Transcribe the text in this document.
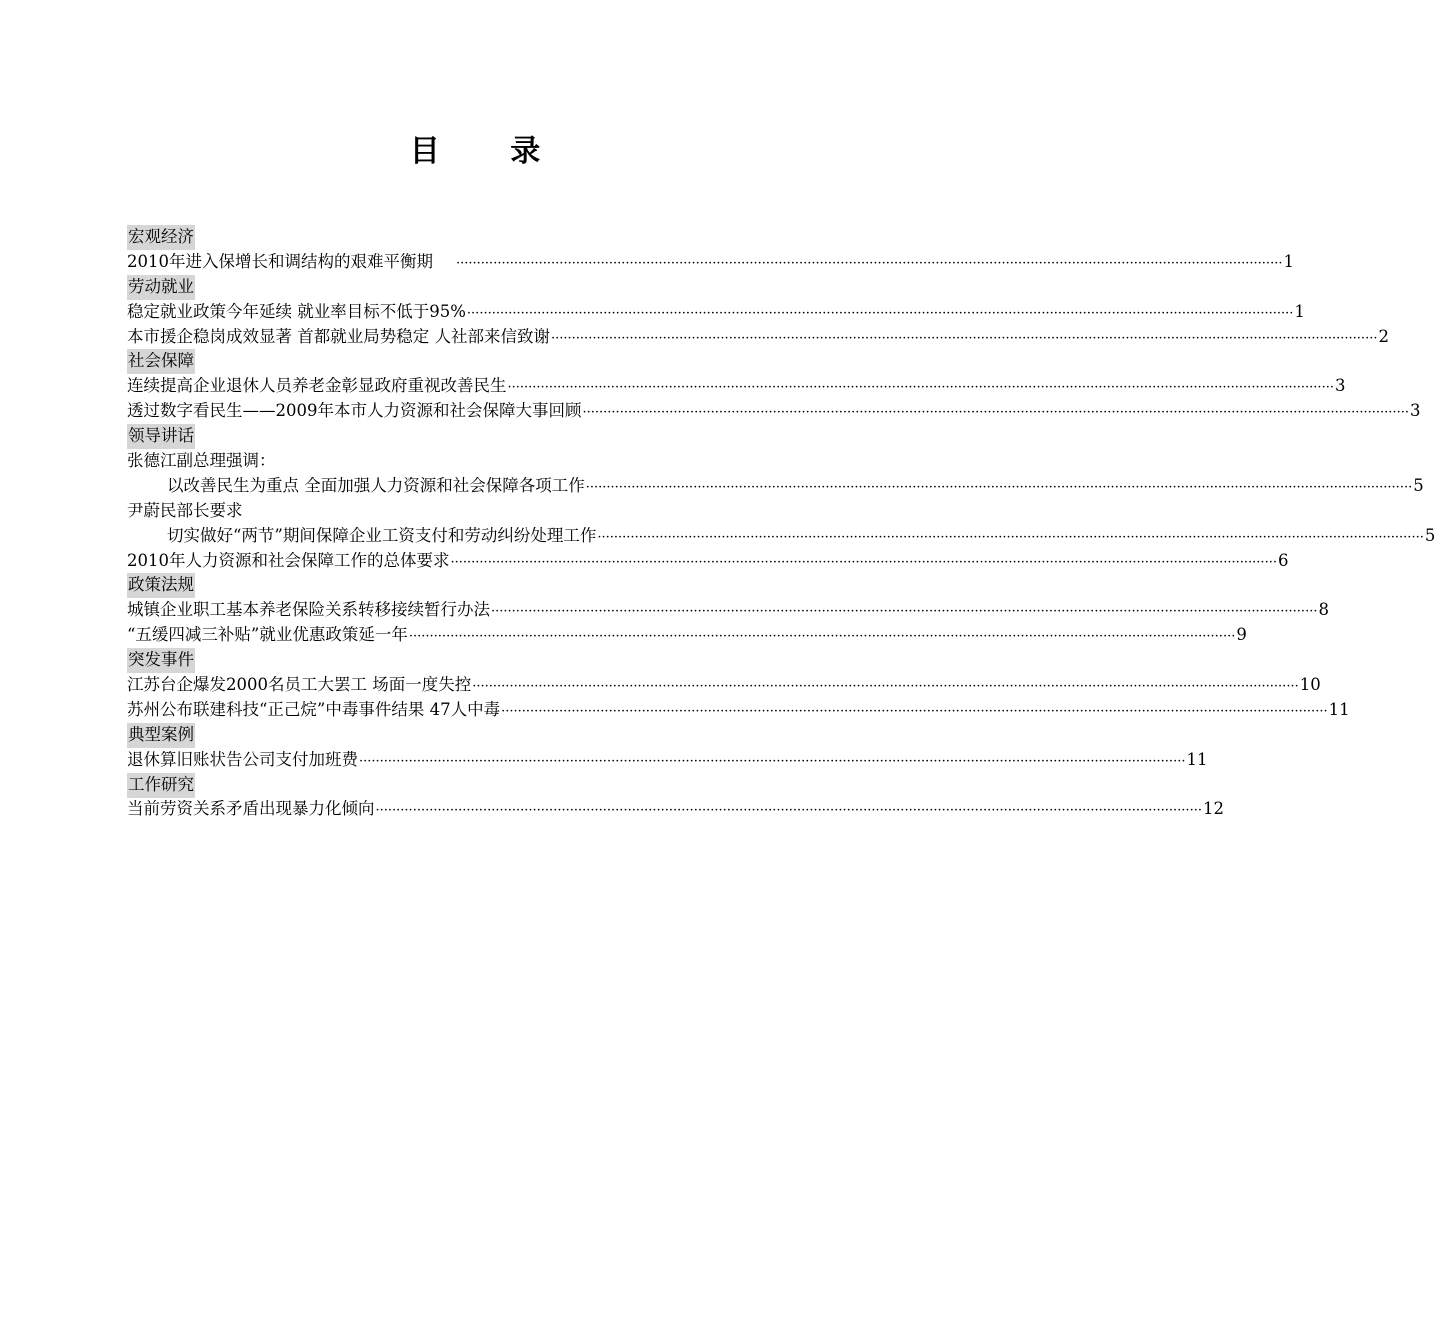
目 录
宏观经济
2010年进入保增长和调结构的艰难平衡期	········································································································································································································ 1
劳动就业
稳定就业政策今年延续 就业率目标不低于95% ········································································································································································································ 1
本市援企稳岗成效显著 首都就业局势稳定 人社部来信致谢 ········································································································································································································ 2
社会保障
连续提高企业退休人员养老金彰显政府重视改善民生 ········································································································································································································ 3
透过数字看民生——2009年本市人力资源和社会保障大事回顾 ········································································································································································································ 3
领导讲话
张德江副总理强调：
以改善民生为重点 全面加强人力资源和社会保障各项工作 ········································································································································································································ 5
尹蔚民部长要求
切实做好“两节”期间保障企业工资支付和劳动纠纷处理工作 ········································································································································································································ 5
2010年人力资源和社会保障工作的总体要求 ········································································································································································································ 6
政策法规
城镇企业职工基本养老保险关系转移接续暂行办法 ········································································································································································································ 8
“五缓四减三补贴”就业优惠政策延一年 ········································································································································································································ 9
突发事件
江苏台企爆发2000名员工大罢工 场面一度失控 ········································································································································································································ 10
苏州公布联建科技“正己烷”中毒事件结果 47人中毒 ········································································································································································································ 11
典型案例
退休算旧账状告公司支付加班费 ········································································································································································································ 11
工作研究
当前劳资关系矛盾出现暴力化倾向 ········································································································································································································ 12
